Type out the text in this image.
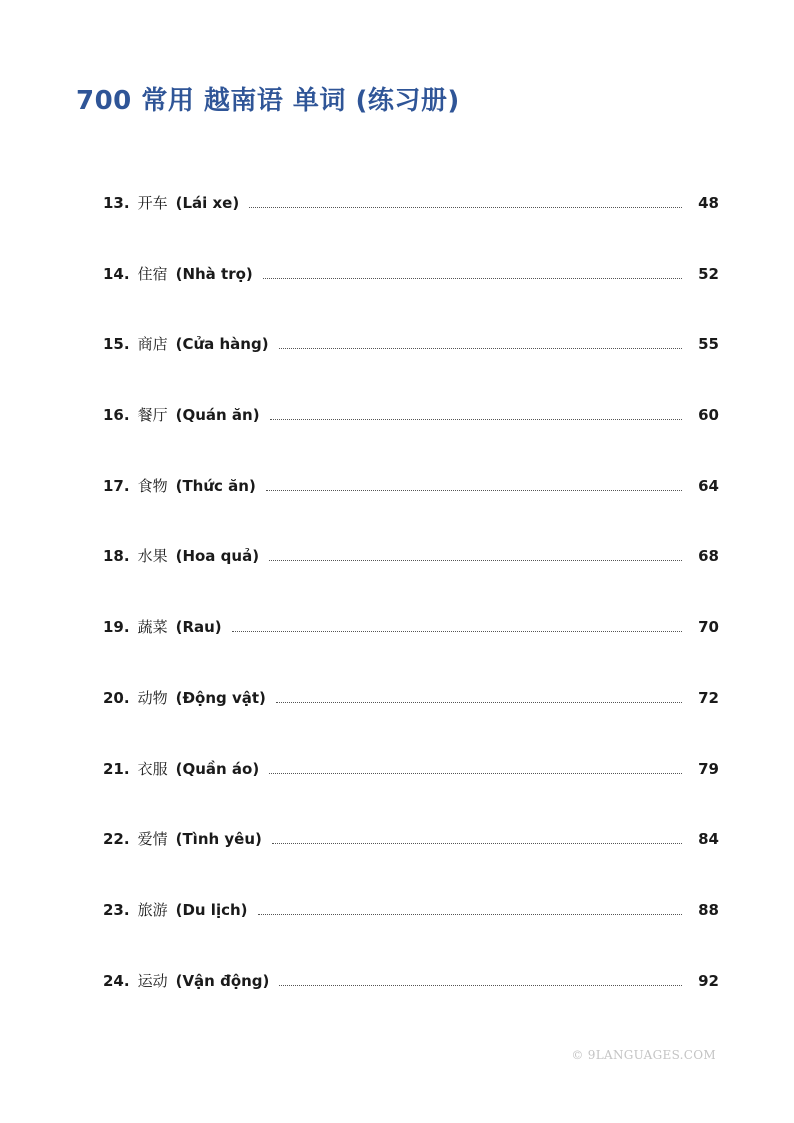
700 常用 越南语 单词 (练习册)
13. 开车 (Lái xe)	48
14. 住宿 (Nhà trọ)	52
15. 商店 (Cửa hàng)	55
16. 餐厅 (Quán ăn)	60
17. 食物 (Thức ăn)	64
18. 水果 (Hoa quả)	68
19. 蔬菜 (Rau)	70
20. 动物 (Động vật)	72
21. 衣服 (Quần áo)	79
22. 爱情 (Tình yêu)	84
23. 旅游 (Du lịch)	88
24. 运动 (Vận động)	92
© 9LANGUAGES.COM
